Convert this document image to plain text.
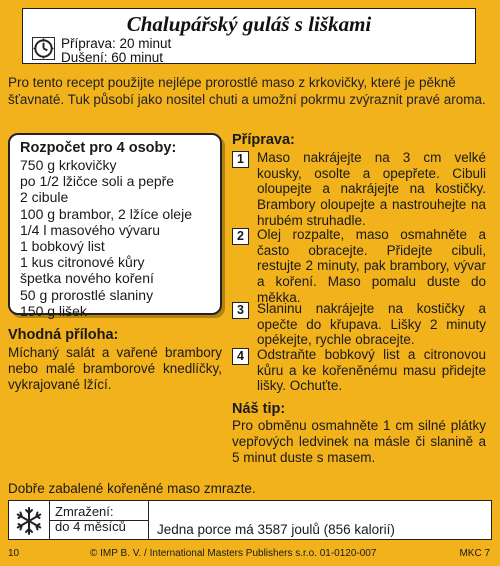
Chalupářský guláš s liškami
Příprava: 20 minut
Dušení: 60 minut
Pro tento recept použijte nejlépe prorostlé maso z krkovičky, které je pěkně šťavnaté. Tuk působí jako nositel chuti a umožní pokrmu zvýraznit pravé aroma.
Rozpočet pro 4 osoby:
750 g krkovičky
po 1/2 lžičce soli a pepře
2 cibule
100 g brambor, 2 lžíce oleje
1/4 l masového vývaru
1 bobkový list
1 kus citronové kůry
špetka nového koření
50 g prorostlé slaniny
150 g lišek
Vhodná příloha:
Míchaný salát a vařené brambory nebo malé bramborové knedlíčky, vykrajované lžící.
Příprava:
1 Maso nakrájejte na 3 cm velké kousky, osolte a opepřete. Cibuli oloupejte a nakrájejte na kostičky. Brambory oloupejte a nastrouhejte na hrubém struhadle.
2 Olej rozpalte, maso osmahněte a často obracejte. Přidejte cibuli, restujte 2 minuty, pak brambory, vývar a koření. Maso pomalu duste do měkka.
3 Slaninu nakrájejte na kostičky a opečte do křupava. Lišky 2 minuty opékejte, rychle obracejte.
4 Odstraňte bobkový list a citronovou kůru a ke kořeněnému masu přidejte lišky. Ochuťte.
Náš tip:
Pro obměnu osmahněte 1 cm silné plátky vepřových ledvinek na másle či slanině a 5 minut duste s masem.
Dobře zabalené kořeněné maso zmrazte.
Zmražení:
do 4 měsíců Jedna porce má 3587 joulů (856 kalorií)
10	© IMP B. V. / International Masters Publishers s.r.o. 01-0120-007	MKC 7
